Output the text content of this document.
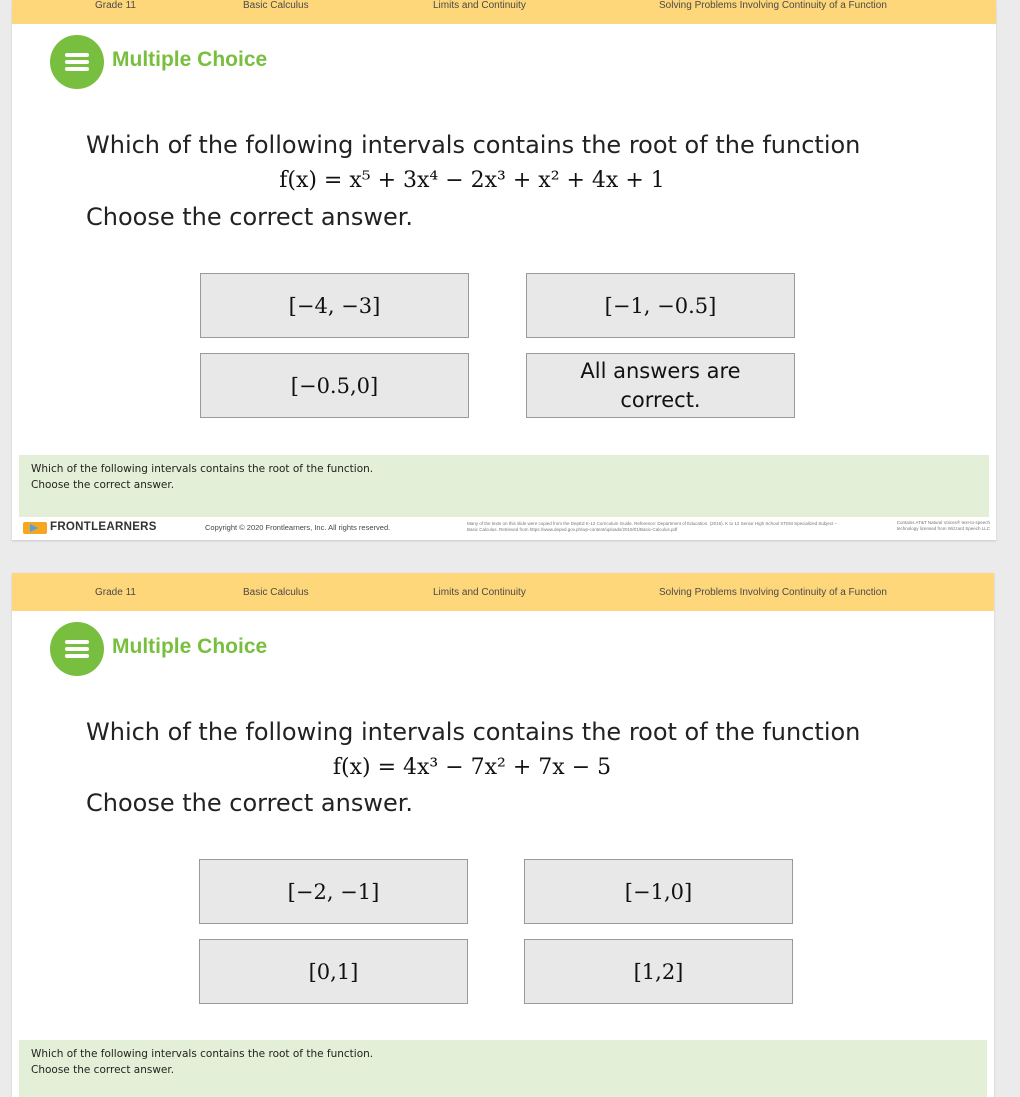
Grade 11	Basic Calculus	Limits and Continuity	Solving Problems Involving Continuity of a Function
Multiple Choice
Which of the following intervals contains the root of the function
f(x) = x⁵ + 3x⁴ − 2x³ + x² + 4x + 1
Choose the correct answer.
[−4, −3]	[−1, −0.5]
[−0.5,0]
All answers are correct.
Which of the following intervals contains the root of the function.
Choose the correct answer.
FRONTLEARNERS	Copyright © 2020 Frontlearners, Inc. All rights reserved.	Many of the texts on this slide were copied from the DepEd K-12 Curriculum Guide. Reference: Department of Education. (2016). K to 12 Senior High School STEM Specialized Subject – Basic Calculus. Retrieved from https://www.deped.gov.ph/wp-content/uploads/2019/01/Basic-Calculus.pdf
Contains AT&T Natural Voices® text-to-speech technology licensed from Wizzard Speech LLC
Grade 11	Basic Calculus	Limits and Continuity	Solving Problems Involving Continuity of a Function
Multiple Choice
Which of the following intervals contains the root of the function
f(x) = 4x³ − 7x² + 7x − 5
Choose the correct answer.
[−2, −1]	[−1,0]
[0,1]	[1,2]
Which of the following intervals contains the root of the function.
Choose the correct answer.
